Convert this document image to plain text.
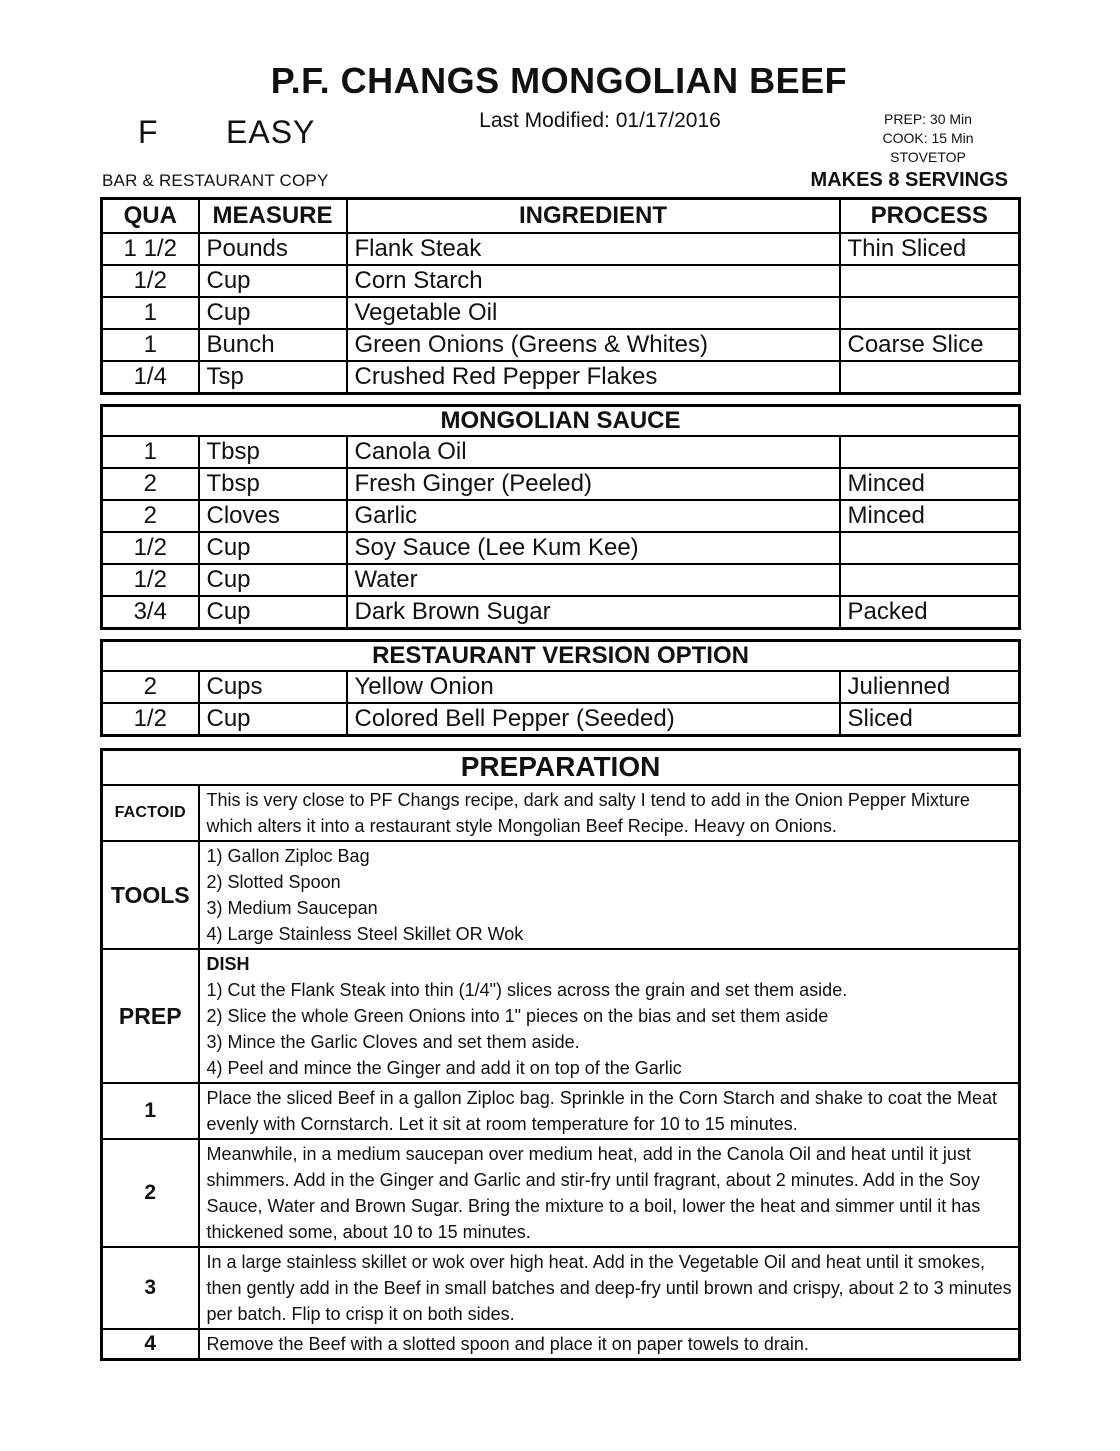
P.F. CHANGS MONGOLIAN BEEF
Last Modified: 01/17/2016
F EASY	PREP: 30 Min
COOK: 15 Min
STOVETOP
BAR & RESTAURANT COPY	MAKES 8 SERVINGS
QUA	MEASURE	INGREDIENT	PROCESS
1 1/2	Pounds	Flank Steak	Thin Sliced
1/2	Cup	Corn Starch	
1	Cup	Vegetable Oil	
1	Bunch	Green Onions (Greens & Whites)	Coarse Slice
1/4	Tsp	Crushed Red Pepper Flakes	
MONGOLIAN SAUCE			
1	Tbsp	Canola Oil	
2	Tbsp	Fresh Ginger (Peeled)	Minced
2	Cloves	Garlic	Minced
1/2	Cup	Soy Sauce (Lee Kum Kee)	
1/2	Cup	Water	
3/4	Cup	Dark Brown Sugar	Packed
RESTAURANT VERSION OPTION			
2	Cups	Yellow Onion	Julienned
1/2	Cup	Colored Bell Pepper (Seeded)	Sliced
PREPARATION	
FACTOID	This is very close to PF Changs recipe, dark and salty I tend to add in the Onion Pepper Mixture which alters it into a restaurant style Mongolian Beef Recipe. Heavy on Onions.
TOOLS	1) Gallon Ziploc Bag
2) Slotted Spoon
3) Medium Saucepan
4) Large Stainless Steel Skillet OR Wok

PREP	DISH
1) Cut the Flank Steak into thin (1/4") slices across the grain and set them aside.
2) Slice the whole Green Onions into 1" pieces on the bias and set them aside
3) Mince the Garlic Cloves and set them aside.
4) Peel and mince the Ginger and add it on top of the Garlic

1	Place the sliced Beef in a gallon Ziploc bag. Sprinkle in the Corn Starch and shake to coat the Meat evenly with Cornstarch. Let it sit at room temperature for 10 to 15 minutes.
2	Meanwhile, in a medium saucepan over medium heat, add in the Canola Oil and heat until it just shimmers. Add in the Ginger and Garlic and stir-fry until fragrant, about 2 minutes. Add in the Soy Sauce, Water and Brown Sugar. Bring the mixture to a boil, lower the heat and simmer until it has thickened some, about 10 to 15 minutes.
3	In a large stainless skillet or wok over high heat. Add in the Vegetable Oil and heat until it smokes, then gently add in the Beef in small batches and deep-fry until brown and crispy, about 2 to 3 minutes per batch. Flip to crisp it on both sides.
4	Remove the Beef with a slotted spoon and place it on paper towels to drain.
